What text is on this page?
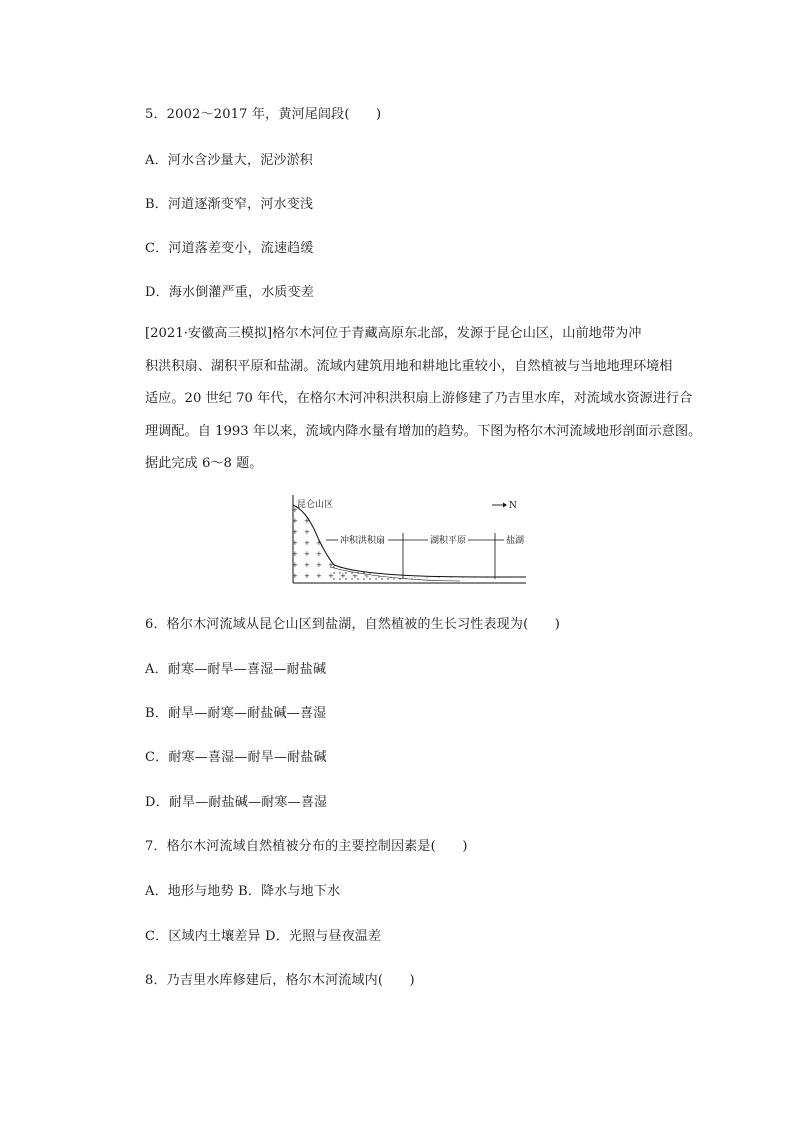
5．2002～2017 年，黄河尾闾段(　　)
A．河水含沙量大，泥沙淤积
B．河道逐渐变窄，河水变浅
C．河道落差变小，流速趋缓
D．海水倒灌严重，水质变差
[2021·安徽高三模拟]格尔木河位于青藏高原东北部，发源于昆仑山区，山前地带为冲
积洪积扇、湖积平原和盐湖。流域内建筑用地和耕地比重较小，自然植被与当地地理环境相
适应。20 世纪 70 年代，在格尔木河冲积洪积扇上游修建了乃吉里水库，对流域水资源进行合
理调配。自 1993 年以来，流域内降水量有增加的趋势。下图为格尔木河流域地形剖面示意图。
据此完成 6～8 题。
昆仑山区	N
冲积洪积扇	湖积平原	盐湖
6．格尔木河流域从昆仑山区到盐湖，自然植被的生长习性表现为(　　)
A．耐寒—耐旱—喜湿—耐盐碱
B．耐旱—耐寒—耐盐碱—喜湿
C．耐寒—喜湿—耐旱—耐盐碱
D．耐旱—耐盐碱—耐寒—喜湿
7．格尔木河流域自然植被分布的主要控制因素是(　　)
A．地形与地势 B．降水与地下水
C．区域内土壤差异 D．光照与昼夜温差
8．乃吉里水库修建后，格尔木河流域内(　　)
